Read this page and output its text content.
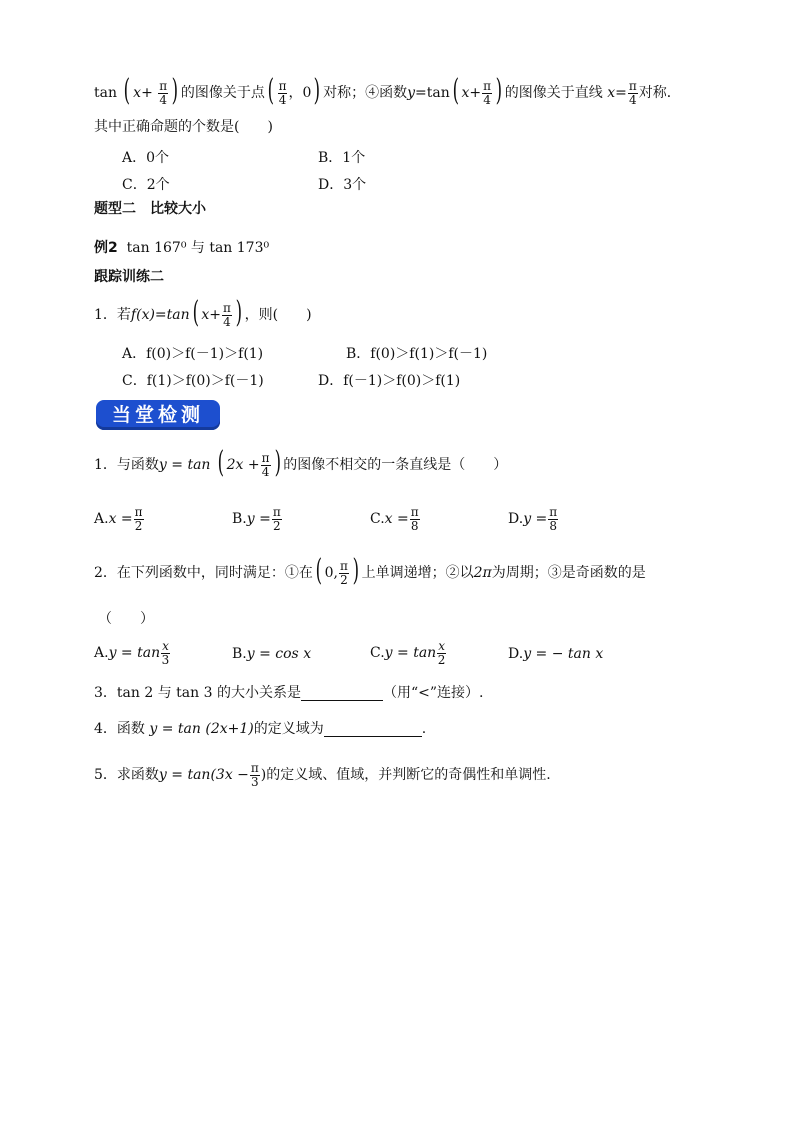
tan ( $x+ \frac{\pi}{4}$ ) 的图像关于点( $\frac{\pi}{4}$ ，0) 对称；④函数y=tan( $x+ \frac{\pi}{4}$ ) 的图像关于直线 $x= \frac{\pi}{4}$ 对称．
其中正确命题的个数是(　　)
A．0个	B．1个
C．2个	D．3个
题型二　比较大小
例2 tan 167⁰ 与 tan 173⁰
跟踪训练二
1．若f(x)=tan( $x+ \frac{\pi}{4}$ ) ，则(　　)
A．f(0)＞f(－1)＞f(1)	B．f(0)＞f(1)＞f(－1)
C．f(1)＞f(0)＞f(－1)	D．f(－1)＞f(0)＞f(1)
当堂检测
1．与函数y = tan ( $2x + \frac{\pi}{4}$ ) 的图像不相交的一条直线是（　　）
$A.x = \frac{\pi}{2}$	$B.y = \frac{\pi}{2}$	$C.x = \frac{\pi}{8}$	$D.y = \frac{\pi}{8}$
2．在下列函数中，同时满足：①在( 0, $\frac{\pi}{2}$ ) 上单调递增；②以2π为周期；③是奇函数的是
（　　）
$A.y = \tan \frac{x}{3}$	B.y = cos x	$C.y = \tan \frac{x}{2}$	D.y = − tan x
3．tan 2 与 tan 3 的大小关系是	（用“<”连接）.
4．函数 y = tan (2x+1)的定义域为	.
5．求函数$y = \tan(3x - \frac{\pi}{3}$ )的定义域、值域，并判断它的奇偶性和单调性.
